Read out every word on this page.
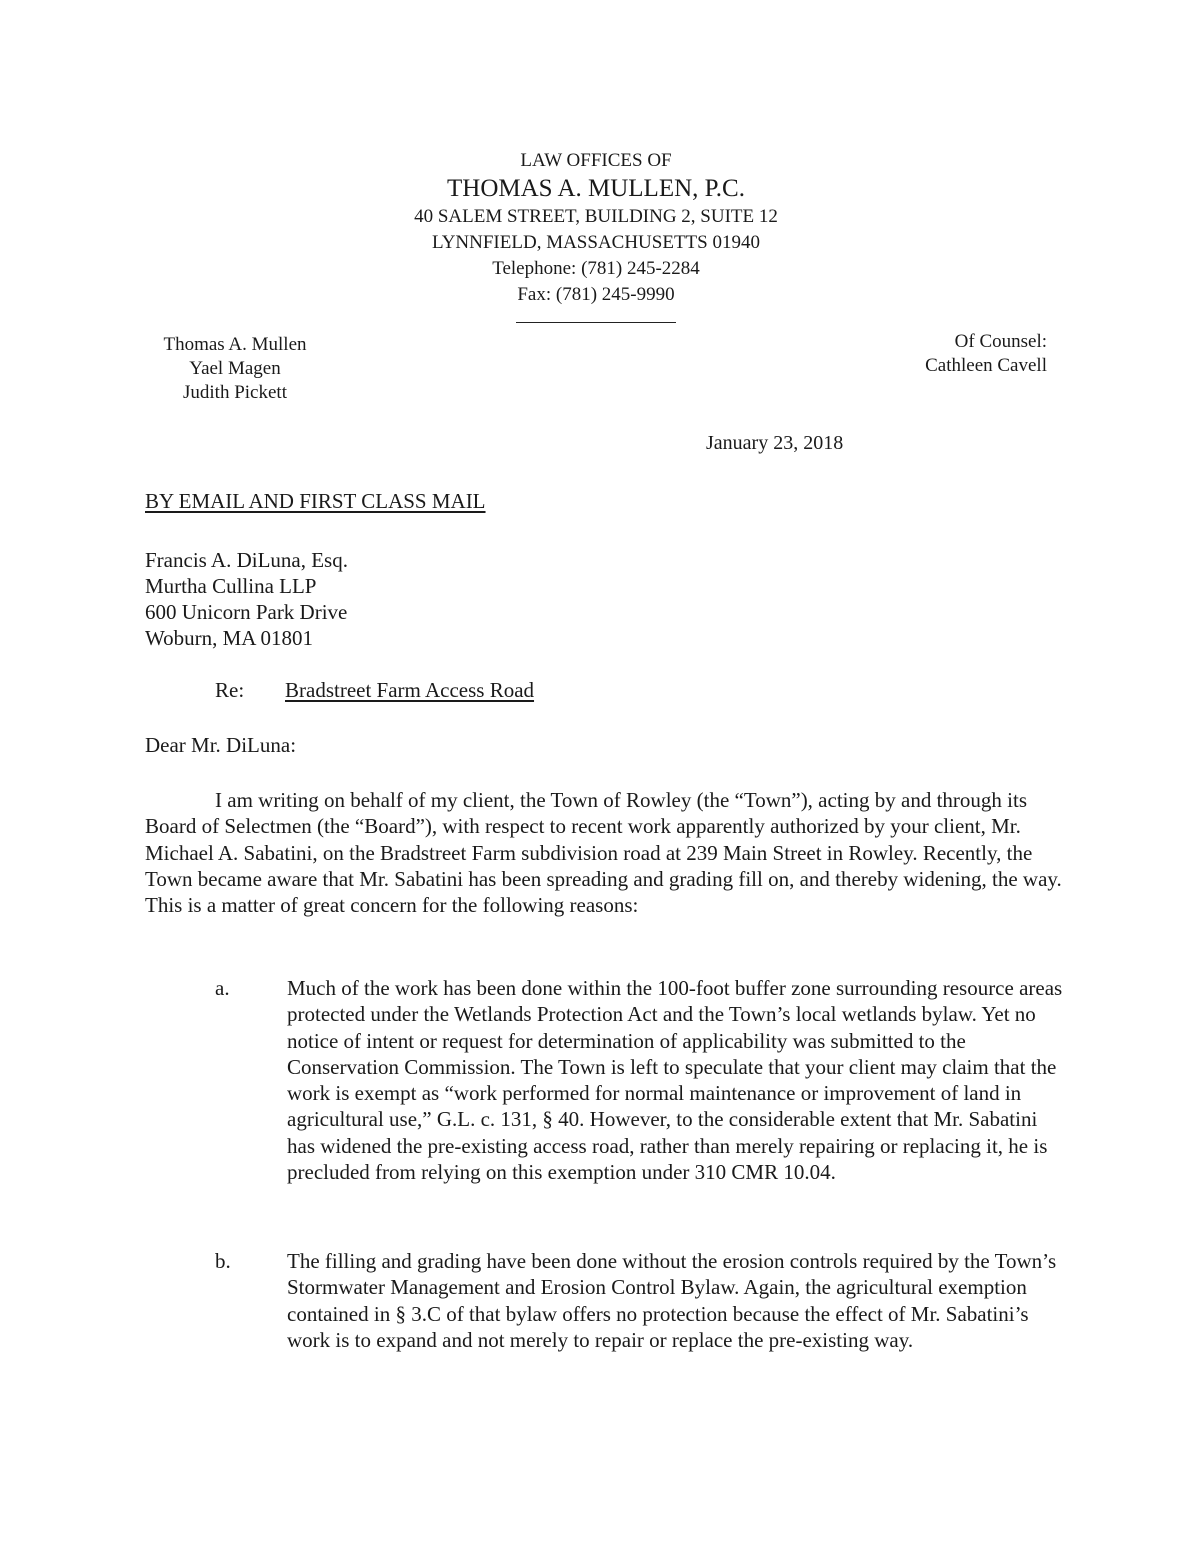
LAW OFFICES OF
THOMAS A. MULLEN, P.C.
40 SALEM STREET, BUILDING 2, SUITE 12
LYNNFIELD, MASSACHUSETTS 01940
Telephone: (781) 245-2284
Fax: (781) 245-9990
Thomas A. Mullen
Yael Magen
Judith Pickett
Of Counsel:
Cathleen Cavell
January 23, 2018
BY EMAIL AND FIRST CLASS MAIL
Francis A. DiLuna, Esq.
Murtha Cullina LLP
600 Unicorn Park Drive
Woburn, MA 01801
Re: Bradstreet Farm Access Road
Dear Mr. DiLuna:
I am writing on behalf of my client, the Town of Rowley (the “Town”), acting by and through its Board of Selectmen (the “Board”), with respect to recent work apparently authorized by your client, Mr. Michael A. Sabatini, on the Bradstreet Farm subdivision road at 239 Main Street in Rowley. Recently, the Town became aware that Mr. Sabatini has been spreading and grading fill on, and thereby widening, the way. This is a matter of great concern for the following reasons:
a.	Much of the work has been done within the 100-foot buffer zone surrounding resource areas protected under the Wetlands Protection Act and the Town’s local wetlands bylaw. Yet no notice of intent or request for determination of applicability was submitted to the Conservation Commission. The Town is left to speculate that your client may claim that the work is exempt as “work performed for normal maintenance or improvement of land in agricultural use,” G.L. c. 131, § 40. However, to the considerable extent that Mr. Sabatini has widened the pre-existing access road, rather than merely repairing or replacing it, he is precluded from relying on this exemption under 310 CMR 10.04.
b.	The filling and grading have been done without the erosion controls required by the Town’s Stormwater Management and Erosion Control Bylaw. Again, the agricultural exemption contained in § 3.C of that bylaw offers no protection because the effect of Mr. Sabatini’s work is to expand and not merely to repair or replace the pre-existing way.
